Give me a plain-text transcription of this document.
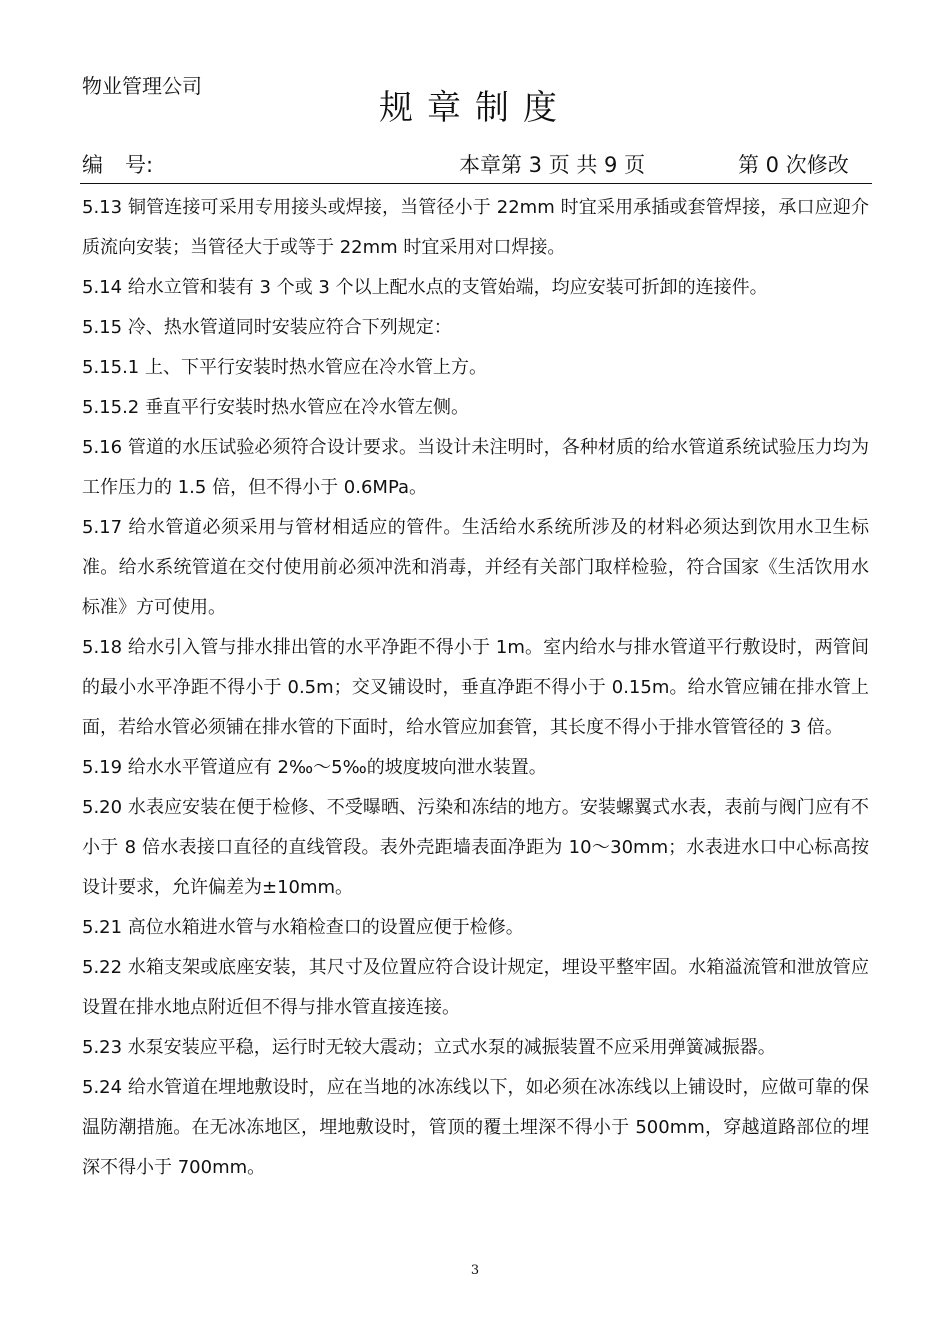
物业管理公司
规章制度
编 号:	本章第 3 页 共 9 页	第 0 次修改

5.13 铜管连接可采用专用接头或焊接，当管径小于 22mm 时宜采用承插或套管焊接，承口应迎介质流向安装；当管径大于或等于 22mm 时宜采用对口焊接。

5.14 给水立管和装有 3 个或 3 个以上配水点的支管始端，均应安装可折卸的连接件。

5.15 冷、热水管道同时安装应符合下列规定：

5.15.1 上、下平行安装时热水管应在冷水管上方。

5.15.2 垂直平行安装时热水管应在冷水管左侧。

5.16 管道的水压试验必须符合设计要求。当设计未注明时，各种材质的给水管道系统试验压力均为工作压力的 1.5 倍，但不得小于 0.6MPa。

5.17 给水管道必须采用与管材相适应的管件。生活给水系统所涉及的材料必须达到饮用水卫生标准。给水系统管道在交付使用前必须冲洗和消毒，并经有关部门取样检验，符合国家《生活饮用水标准》方可使用。

5.18 给水引入管与排水排出管的水平净距不得小于 1m。室内给水与排水管道平行敷设时，两管间的最小水平净距不得小于 0.5m；交叉铺设时，垂直净距不得小于 0.15m。给水管应铺在排水管上面，若给水管必须铺在排水管的下面时，给水管应加套管，其长度不得小于排水管管径的 3 倍。

5.19 给水水平管道应有 2‰～5‰的坡度坡向泄水装置。

5.20 水表应安装在便于检修、不受曝晒、污染和冻结的地方。安装螺翼式水表，表前与阀门应有不小于 8 倍水表接口直径的直线管段。表外壳距墙表面净距为 10～30mm；水表进水口中心标高按设计要求，允许偏差为±10mm。

5.21 高位水箱进水管与水箱检查口的设置应便于检修。

5.22 水箱支架或底座安装，其尺寸及位置应符合设计规定，埋设平整牢固。水箱溢流管和泄放管应设置在排水地点附近但不得与排水管直接连接。

5.23 水泵安装应平稳，运行时无较大震动；立式水泵的减振装置不应采用弹簧减振器。

5.24 给水管道在埋地敷设时，应在当地的冰冻线以下，如必须在冰冻线以上铺设时，应做可靠的保温防潮措施。在无冰冻地区，埋地敷设时，管顶的覆土埋深不得小于 500mm，穿越道路部位的埋深不得小于 700mm。

3
